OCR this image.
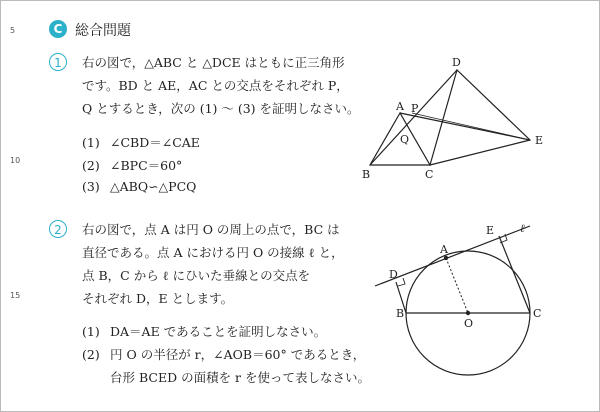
5
10
15
C 総合問題
1	右の図で，△ABC と △DCE はともに正三角形
です。BD と AE，AC との交点をそれぞれ P，
Q とするとき，次の (1) ～ (3) を証明しなさい。
(1) ∠CBD＝∠CAE
(2) ∠BPC＝60°
(3) △ABQ∽△PCQ
A
B	C
D
E
P
Q
2	右の図で，点 A は円 O の周上の点で，BC は
直径である。点 A における円 O の接線 ℓ と，
点 B，C から ℓ にひいた垂線との交点を
それぞれ D，E とします。
(1) DA＝AE であることを証明しなさい。
(2) 円 O の半径が r，∠AOB＝60° であるとき，
台形 BCED の面積を r を使って表しなさい。
A
B	C
D
E
O
ℓ
